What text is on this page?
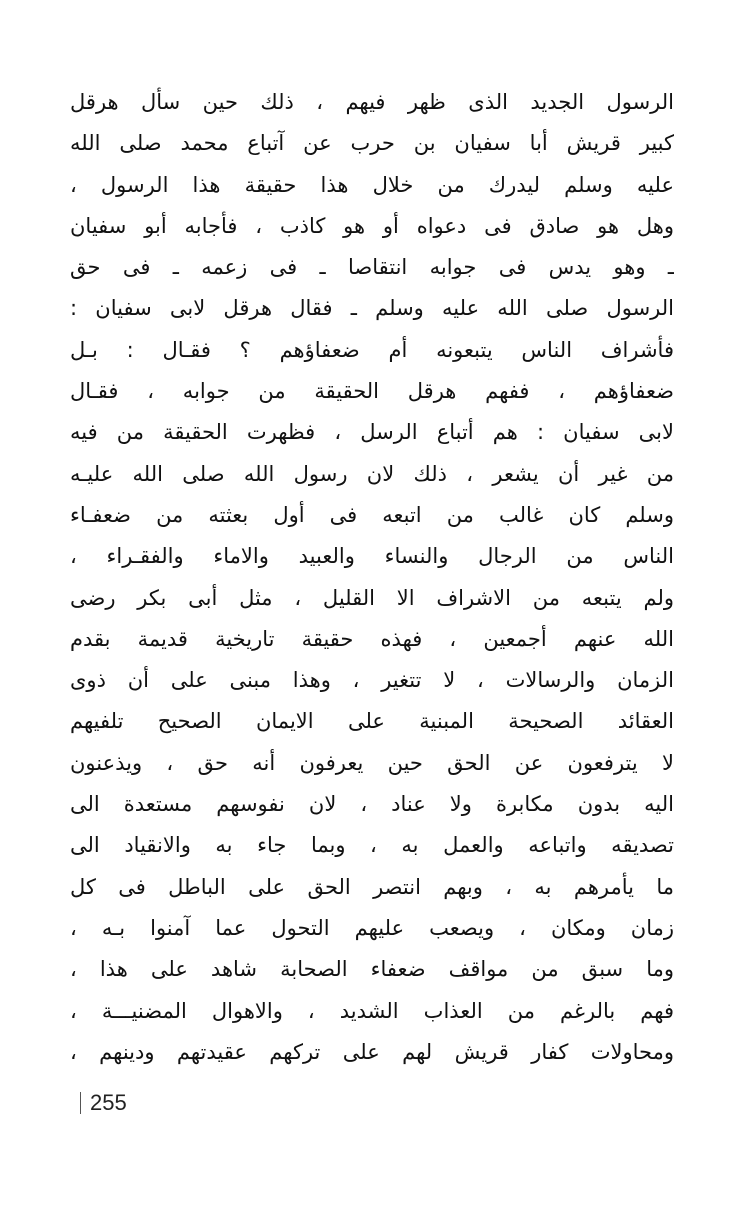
الرسول الجديد الذى ظهر فيهم ، ذلك حين سأل هرقل
كبير قريش أبا سفيان بن حرب عن آتباع محمد صلى الله
عليه وسلم ليدرك من خلال هذا حقيقة هذا الرسول ،
وهل هو صادق فى دعواه أو هو كاذب ، فأجابه أبو سفيان
ـ وهو يدس فى جوابه انتقاصا ـ فى زعمه ـ فى حق
الرسول صلى الله عليه وسلم ـ فقال هرقل لابى سفيان :
فأشراف الناس يتبعونه أم ضعفاؤهم ؟ فقـال : بـل
ضعفاؤهم ، ففهم هرقل الحقيقة من جوابه ، فقـال
لابى سفيان : هم أتباع الرسل ، فظهرت الحقيقة من فيه
من غير أن يشعر ، ذلك لان رسول الله صلى الله عليـه
وسلم كان غالب من اتبعه فى أول بعثته من ضعفـاء
الناس من الرجال والنساء والعبيد والاماء والفقـراء ،
ولم يتبعه من الاشراف الا القليل ، مثل أبى بكر رضى
الله عنهم أجمعين ، فهذه حقيقة تاريخية قديمة بقدم
الزمان والرسالات ، لا تتغير ، وهذا مبنى على أن ذوى
العقائد الصحيحة المبنية على الايمان الصحيح تلفيهم
لا يترفعون عن الحق حين يعرفون أنه حق ، ويذعنون
اليه بدون مكابرة ولا عناد ، لان نفوسهم مستعدة الى
تصديقه واتباعه والعمل به ، وبما جاء به والانقياد الى
ما يأمرهم به ، وبهم انتصر الحق على الباطل فى كل
زمان ومكان ، ويصعب عليهم التحول عما آمنوا بـه ،
وما سبق من مواقف ضعفاء الصحابة شاهد على هذا ،
فهم بالرغم من العذاب الشديد ، والاهوال المضنيـــة ،
ومحاولات كفار قريش لهم على تركهم عقيدتهم ودينهم ،
255
